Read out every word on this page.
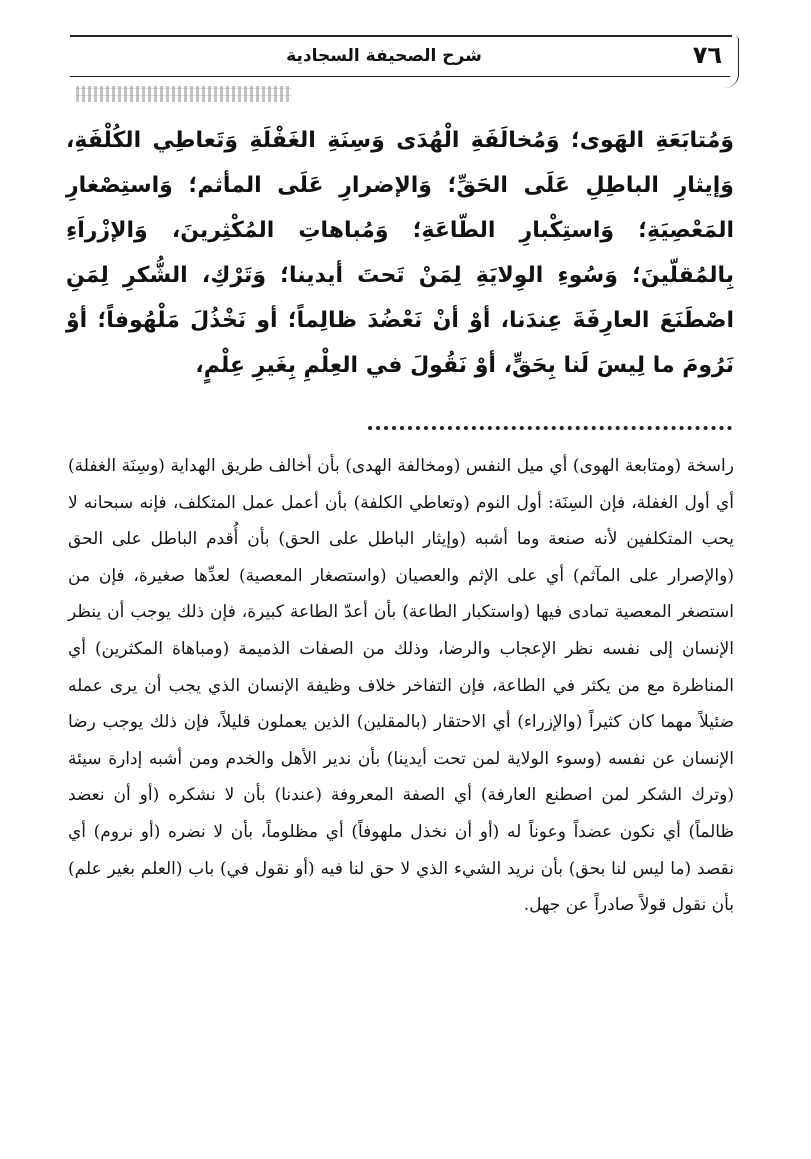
٧٦
شرح الصحيفة السجادية

وَمُتابَعَةِ الهَوى؛ وَمُخالَفَةِ الْهُدَى وَسِنَةِ الغَفْلَةِ وَتَعاطِي الكُلْفَةِ، وَإيثارِ الباطِلِ عَلَى الحَقِّ؛ وَالإضرارِ عَلَى المأثم؛ وَاستِصْغارِ المَعْصِيَةِ؛ وَاستِكْبارِ الطّاعَةِ؛ وَمُباهاتِ المُكْثِرينَ، وَالإزْراَءِ بِالمُقلّينَ؛ وَسُوءِ الوِلايَةِ لِمَنْ تَحتَ أيدينا؛ وَتَرْكِ، الشُّكرِ لِمَنِ اصْطَنَعَ العارِفَةَ عِندَنا، أوْ أنْ نَعْضُدَ ظالِماً؛ أو نَخْذُلَ مَلْهُوفاً؛ أوْ نَرُومَ ما لِيسَ لَنا بِحَقٍّ، أوْ نَقُولَ في العِلْمِ بِغَيرِ عِلْمٍ،

راسخة (ومتابعة الهوى) أي ميل النفس (ومخالفة الهدى) بأن أخالف طريق الهداية (وسِنَة الغفلة) أي أول الغفلة، فإن السِنَة: أول النوم (وتعاطي الكلفة) بأن أعمل عمل المتكلف، فإنه سبحانه لا يحب المتكلفين لأنه صنعة وما أشبه (وإيثار الباطل على الحق) بأن أُقدم الباطل على الحق (والإصرار على المآثم) أي على الإثم والعصيان (واستصغار المعصية) لعدِّها صغيرة، فإن من استصغر المعصية تمادى فيها (واستكبار الطاعة) بأن أعدّ الطاعة كبيرة، فإن ذلك يوجب أن ينظر الإنسان إلى نفسه نظر الإعجاب والرضا، وذلك من الصفات الذميمة (ومباهاة المكثرين) أي المناظرة مع من يكثر في الطاعة، فإن التفاخر خلاف وظيفة الإنسان الذي يجب أن يرى عمله ضئيلاً مهما كان كثيراً (والإزراء) أي الاحتقار (بالمقلين) الذين يعملون قليلاً، فإن ذلك يوجب رضا الإنسان عن نفسه (وسوء الولاية لمن تحت أيدينا) بأن ندير الأهل والخدم ومن أشبه إدارة سيئة (وترك الشكر لمن اصطنع العارفة) أي الصفة المعروفة (عندنا) بأن لا نشكره (أو أن نعضد ظالماً) أي نكون عضداً وعوناً له (أو أن نخذل ملهوفاً) أي مظلوماً، بأن لا نضره (أو نروم) أي نقصد (ما ليس لنا بحق) بأن نريد الشيء الذي لا حق لنا فيه (أو نقول في) باب (العلم بغير علم) بأن نقول قولاً صادراً عن جهل.
